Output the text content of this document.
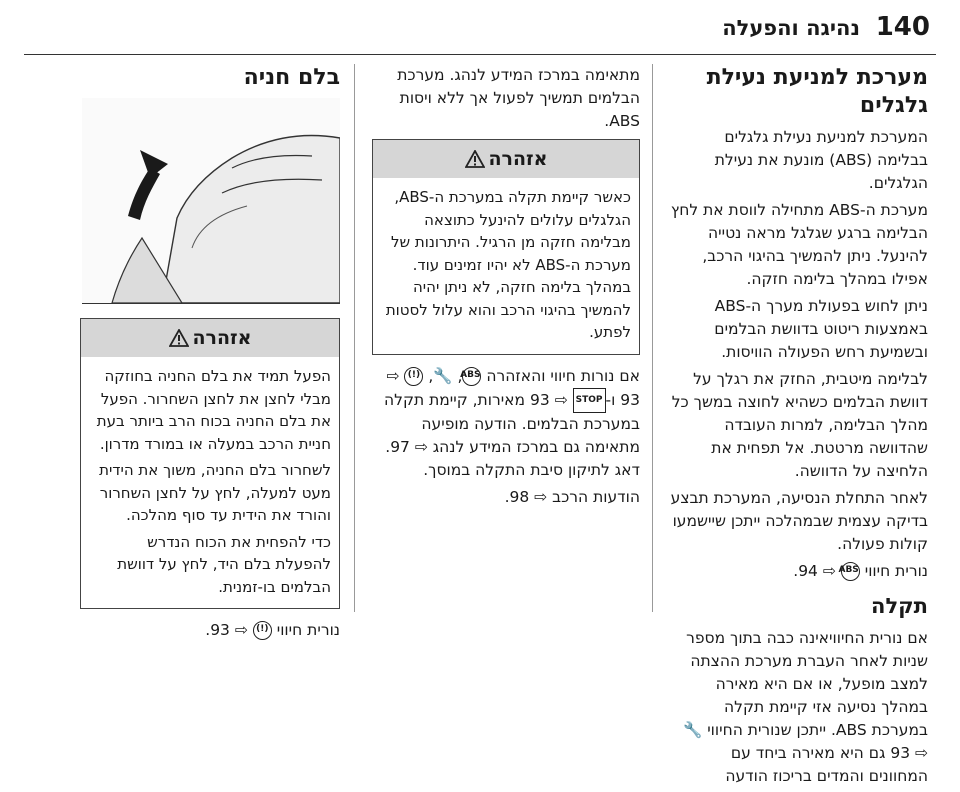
140
נהיגה והפעלה
מערכת למניעת נעילת גלגלים

המערכת למניעת נעילת גלגלים בבלימה (ABS) מונעת את נעילת הגלגלים.

מערכת ה-ABS מתחילה לווסת את לחץ הבלימה ברגע שגלגל מראה נטייה להינעל. ניתן להמשיך בהיגוי הרכב, אפילו במהלך בלימה חזקה.

ניתן לחוש בפעולת מערך ה-ABS באמצעות ריטוט בדוושת הבלמים ובשמיעת רחש הפעולה הוויסות.

לבלימה מיטבית, החזק את רגלך על דוושת הבלמים כשהיא לחוצה במשך כל מהלך הבלימה, למרות העובדה שהדוושה מרטטת. אל תפחית את הלחיצה על הדוושה.

לאחר התחלת הנסיעה, המערכת תבצע בדיקה עצמית שבמהלכה ייתכן שיישמעו קולות פעולה.

נורית חיווי ABS ⇨ 94.

תקלה

אם נורית החיוויאינה כבה בתוך מספר שניות לאחר העברת מערכת ההצתה למצב מופעל, או אם היא מאירה במהלך נסיעה אזי קיימת תקלה במערכת ABS. ייתכן שנורית החיווי 🔧 ⇨ 93 גם היא מאירה ביחד עם המחוונים והמדים בריכוז הודעה

מתאימה במרכז המידע לנהג. מערכת הבלמים תמשיך לפעול אך ללא ויסות ABS.

אזהרה

כאשר קיימת תקלה במערכת ה-ABS, הגלגלים עלולים להינעל כתוצאה מבלימה חזקה מן הרגיל. היתרונות של מערכת ה-ABS לא יהיו זמינים עוד. במהלך בלימה חזקה, לא ניתן יהיה להמשיך בהיגוי הרכב והוא עלול לסטות לפתע.

אם נורות חיווי והאזהרה ABS, 🔧, (!) ⇨ 93 ו-STOP ⇨ 93 מאירות, קיימת תקלה במערכת הבלמים. הודעה מופיעה מתאימה גם במרכז המידע לנהג ⇨ 97. דאג לתיקון סיבת התקלה במוסך.

הודעות הרכב ⇨ 98.

בלם חניה
אזהרה

הפעל תמיד את בלם החניה בחוזקה מבלי לחצן את לחצן השחרור. הפעל את בלם החניה בכוח הרב ביותר בעת חניית הרכב במעלה או במורד מדרון.

לשחרור בלם החניה, משוך את הידית מעט למעלה, לחץ על לחצן השחרור והורד את הידית עד סוף מהלכה.

כדי להפחית את הכוח הנדרש להפעלת בלם היד, לחץ על דוושת הבלמים בו-זמנית.

נורית חיווי (!) ⇨ 93.
